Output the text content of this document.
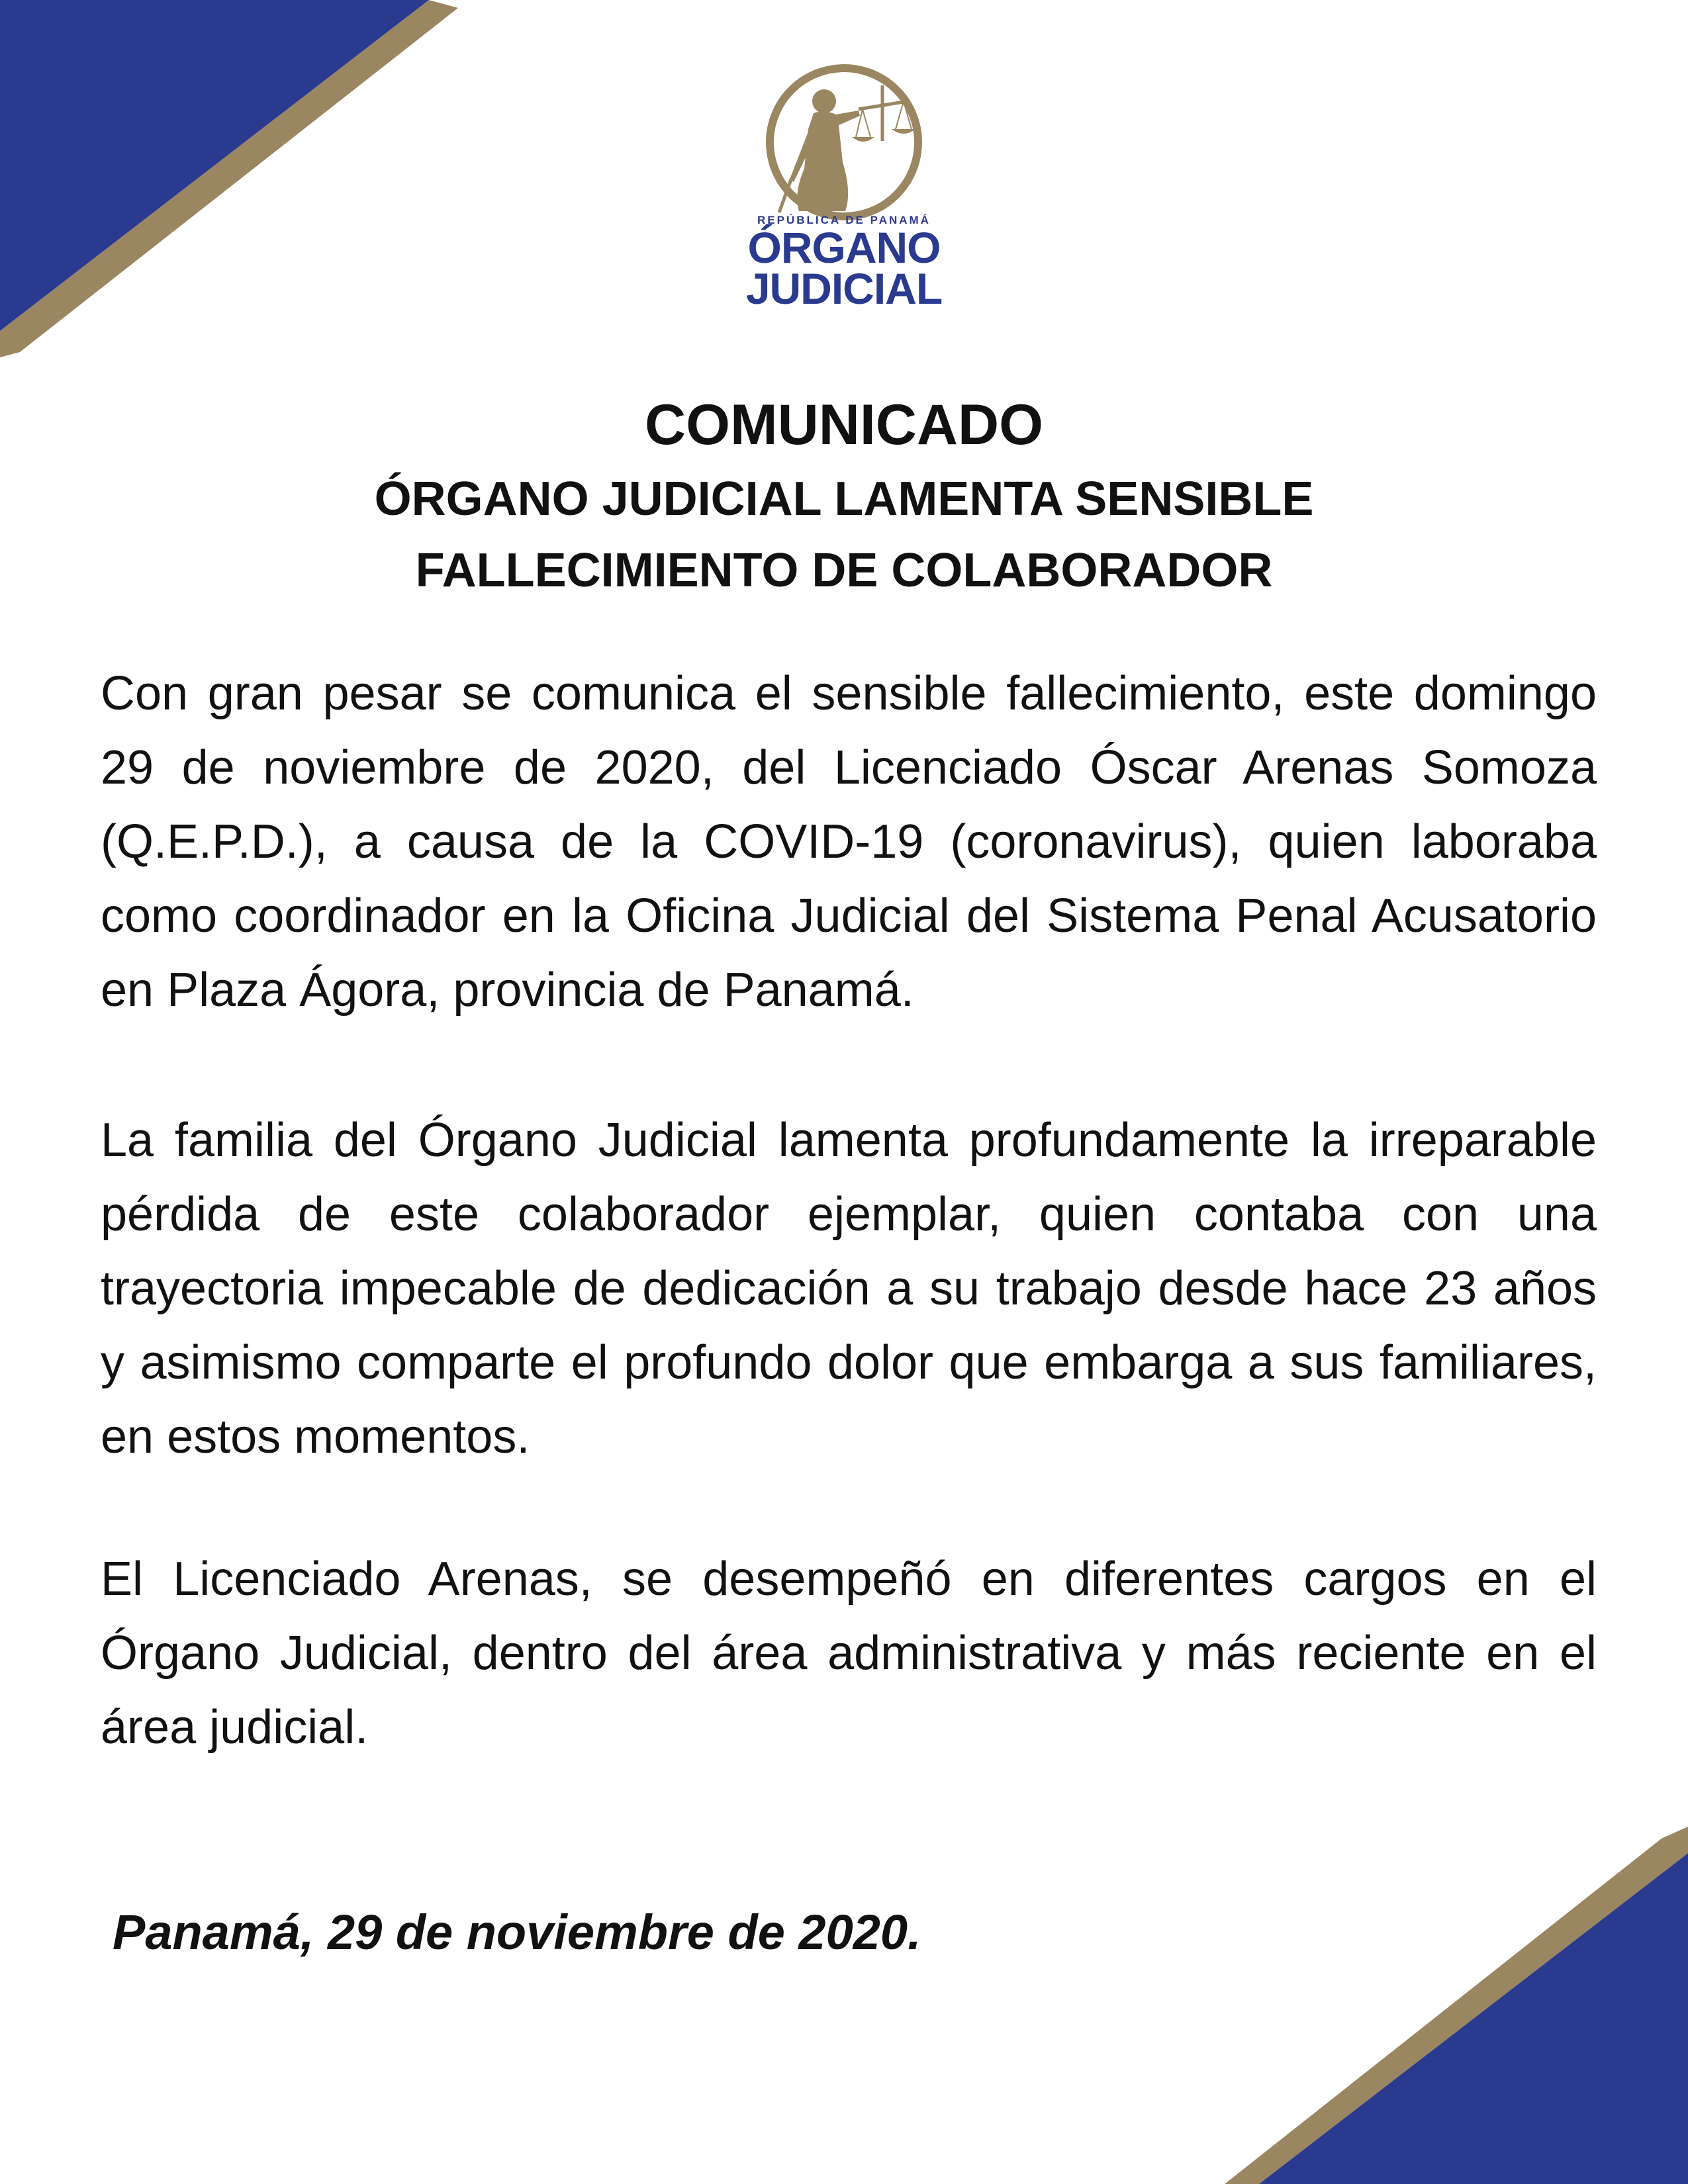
REPÚBLICA DE PANAMÁ
ÓRGANO
JUDICIAL
COMUNICADO
ÓRGANO JUDICIAL LAMENTA SENSIBLE
FALLECIMIENTO DE COLABORADOR

Con gran pesar se comunica el sensible fallecimiento, este domingo 29 de noviembre de 2020, del Licenciado Óscar Arenas Somoza (Q.E.P.D.), a causa de la COVID-19 (coronavirus), quien laboraba como coordinador en la Oficina Judicial del Sistema Penal Acusatorio en Plaza Ágora, provincia de Panamá.

La familia del Órgano Judicial lamenta profundamente la irreparable pérdida de este colaborador ejemplar, quien contaba con una trayectoria impecable de dedicación a su trabajo desde hace 23 años y asimismo comparte el profundo dolor que embarga a sus familiares, en estos momentos.

El Licenciado Arenas, se desempeñó en diferentes cargos en el Órgano Judicial, dentro del área administrativa y más reciente en el área judicial.

Panamá, 29 de noviembre de 2020.
